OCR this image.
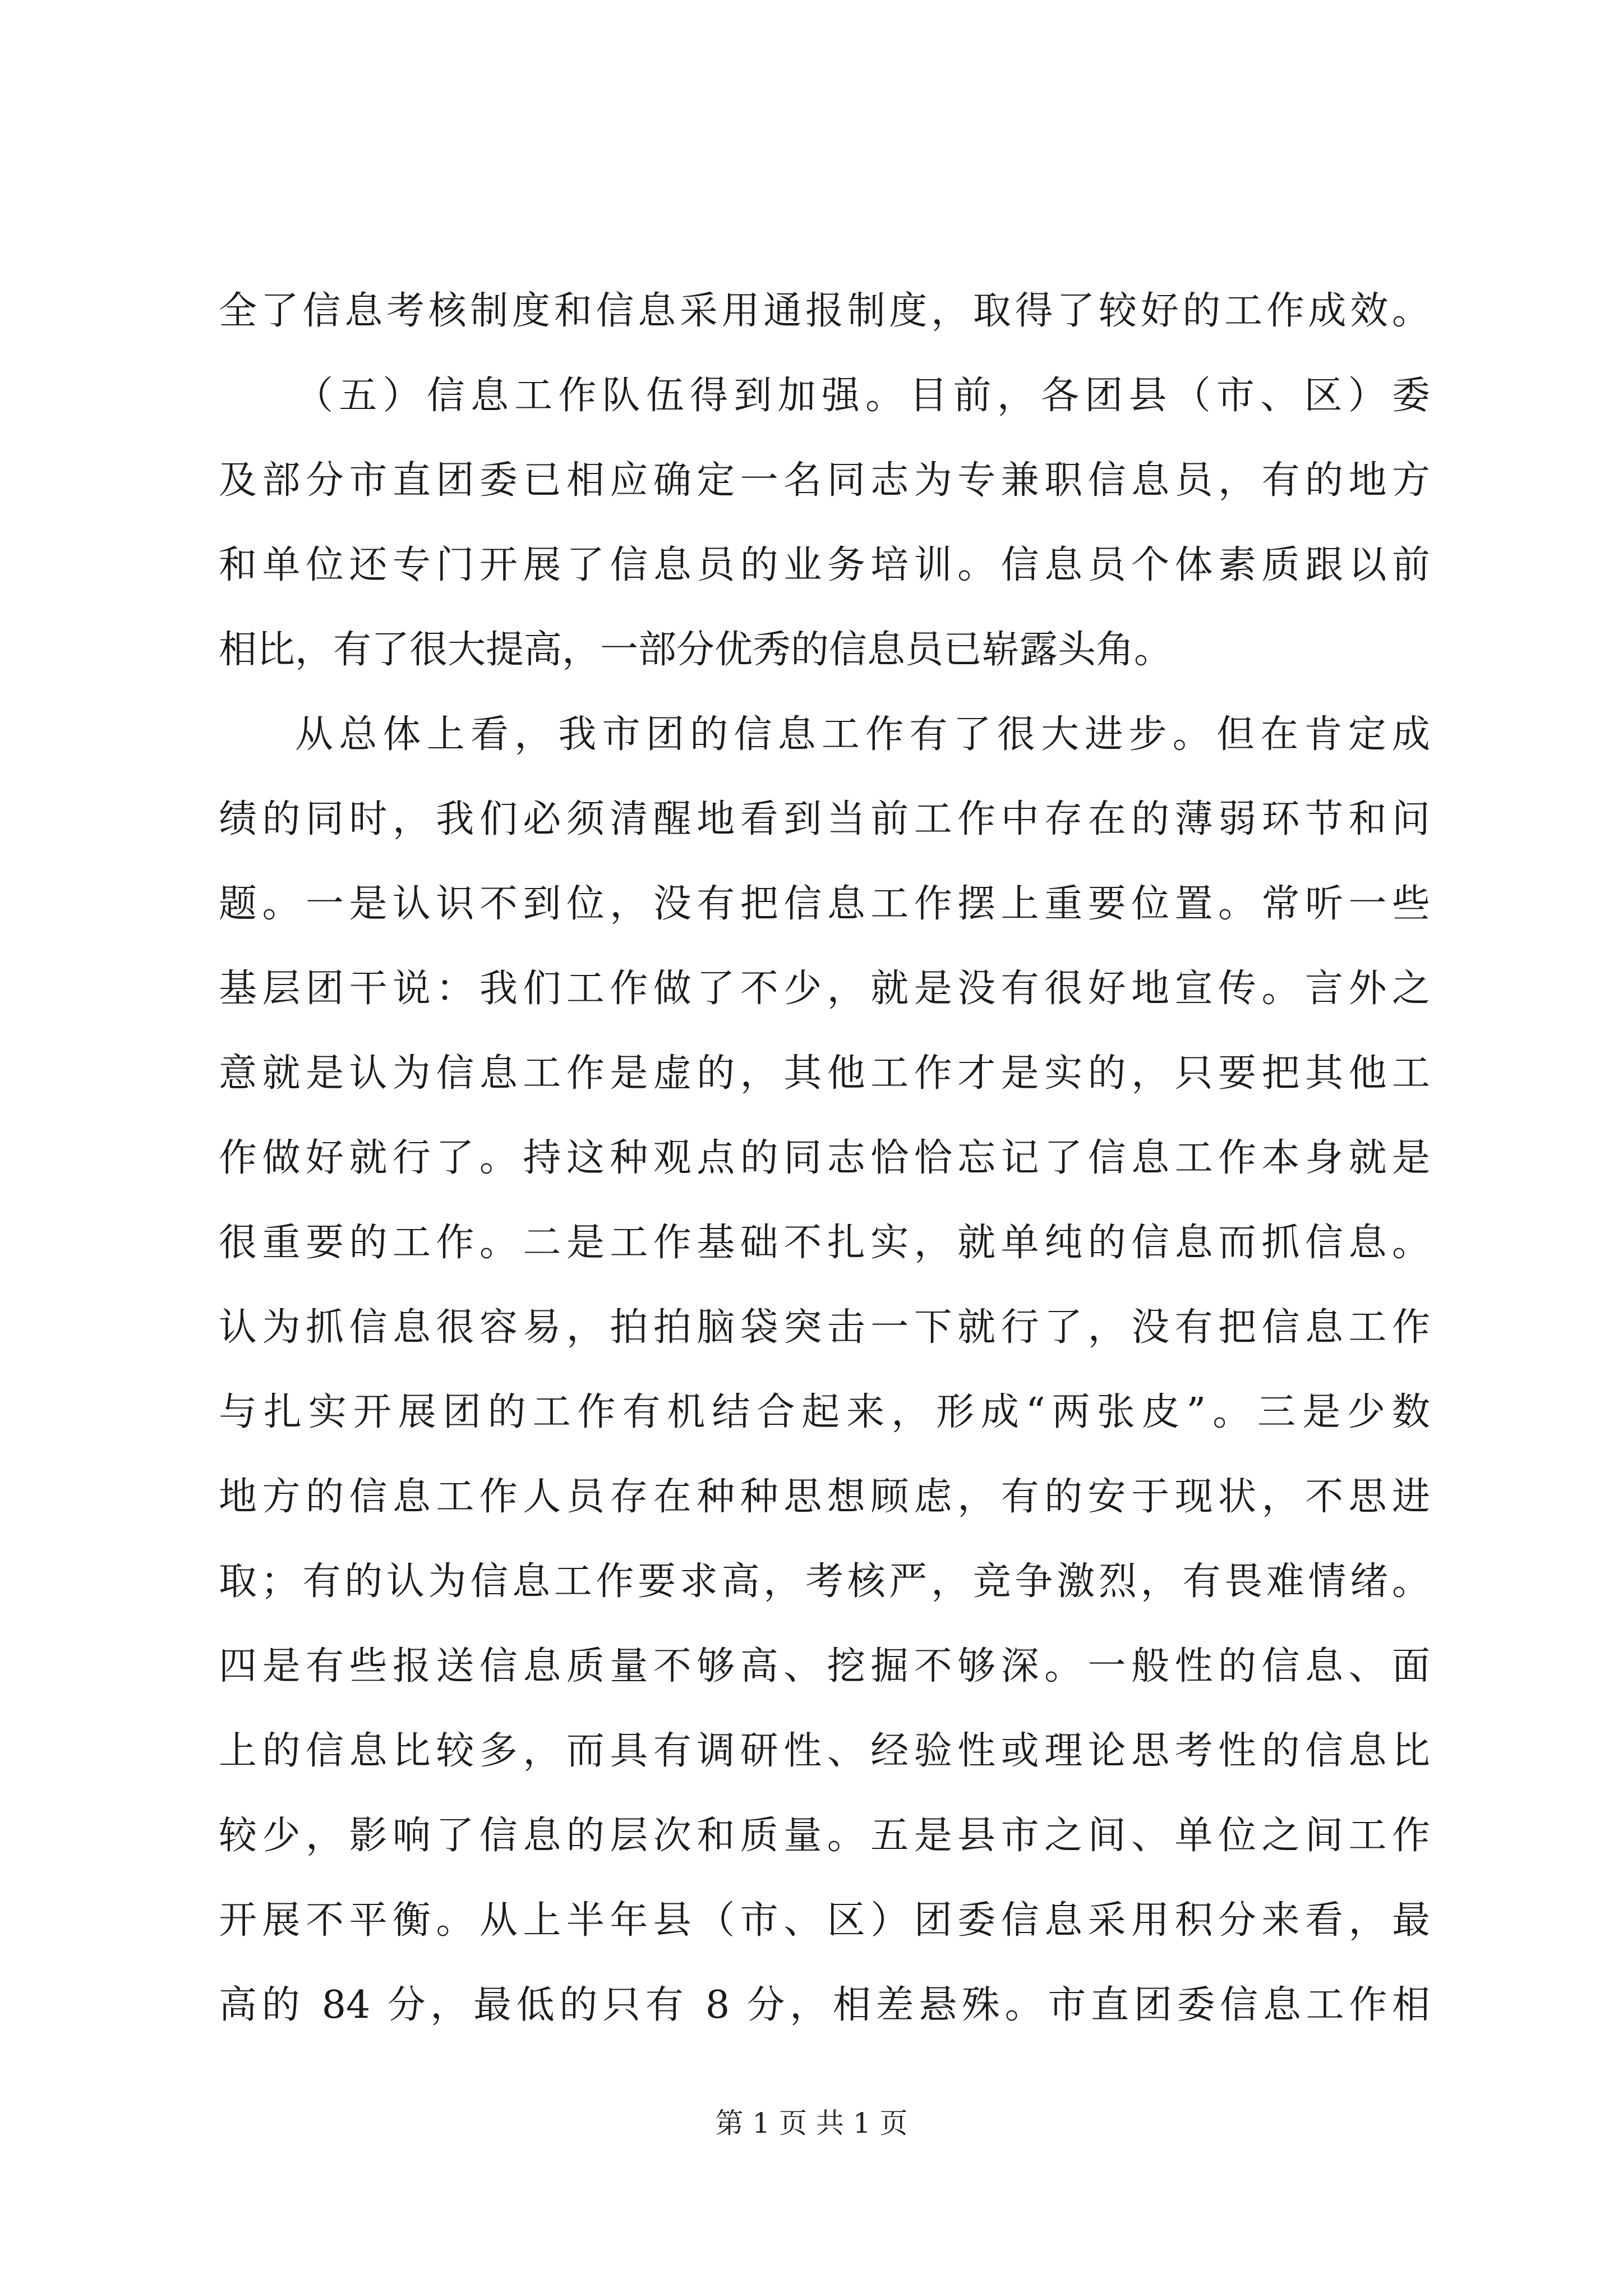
全了信息考核制度和信息采用通报制度，取得了较好的工作成效。
（五）信息工作队伍得到加强。目前，各团县（市、区）委
及部分市直团委已相应确定一名同志为专兼职信息员，有的地方
和单位还专门开展了信息员的业务培训。信息员个体素质跟以前
相比，有了很大提高，一部分优秀的信息员已崭露头角。
从总体上看，我市团的信息工作有了很大进步。但在肯定成
绩的同时，我们必须清醒地看到当前工作中存在的薄弱环节和问
题。一是认识不到位，没有把信息工作摆上重要位置。常听一些
基层团干说：我们工作做了不少，就是没有很好地宣传。言外之
意就是认为信息工作是虚的，其他工作才是实的，只要把其他工
作做好就行了。持这种观点的同志恰恰忘记了信息工作本身就是
很重要的工作。二是工作基础不扎实，就单纯的信息而抓信息。
认为抓信息很容易，拍拍脑袋突击一下就行了，没有把信息工作
与扎实开展团的工作有机结合起来，形成“两张皮”。三是少数
地方的信息工作人员存在种种思想顾虑，有的安于现状，不思进
取；有的认为信息工作要求高，考核严，竞争激烈，有畏难情绪。
四是有些报送信息质量不够高、挖掘不够深。一般性的信息、面
上的信息比较多，而具有调研性、经验性或理论思考性的信息比
较少，影响了信息的层次和质量。五是县市之间、单位之间工作
开展不平衡。从上半年县（市、区）团委信息采用积分来看，最
高的 84 分，最低的只有 8 分，相差悬殊。市直团委信息工作相
第 1 页 共 1 页
